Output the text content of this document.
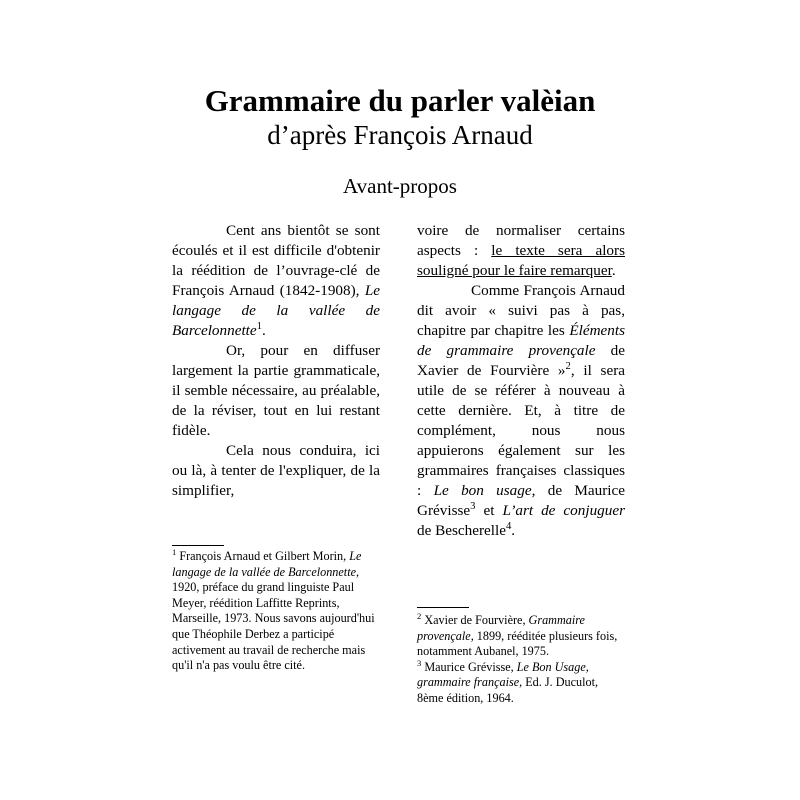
Grammaire du parler valèian
d’après François Arnaud
Avant-propos

Cent ans bientôt se sont écoulés et il est difficile d'obtenir la réédition de l’ouvrage-clé de François Arnaud (1842-1908), Le langage de la vallée de Barcelonnette$^1$.

Or, pour en diffuser largement la partie grammaticale, il semble nécessaire, au préalable, de la réviser, tout en lui restant fidèle.

Cela nous conduira, ici ou là, à tenter de l'expliquer, de la simplifier,

voire de normaliser certains aspects : le texte sera alors souligné pour le faire remarquer.

Comme François Arnaud dit avoir « suivi pas à pas, chapitre par chapitre les Éléments de grammaire provençale de Xavier de Fourvière »$^2$, il sera utile de se référer à nouveau à cette dernière. Et, à titre de complément, nous nous appuierons également sur les grammaires françaises classiques : Le bon usage, de Maurice Grévisse$^3$ et L’art de conjuguer de Bescherelle$^4$.

$^1$ François Arnaud et Gilbert Morin, Le langage de la vallée de Barcelonnette, 1920, préface du grand linguiste Paul Meyer, réédition Laffitte Reprints, Marseille, 1973. Nous savons aujourd'hui que Théophile Derbez a participé activement au travail de recherche mais qu'il n'a pas voulu être cité.

$^2$ Xavier de Fourvière, Grammaire provençale, 1899, rééditée plusieurs fois, notamment Aubanel, 1975.

$^3$ Maurice Grévisse, Le Bon Usage, grammaire française, Ed. J. Duculot, 8ème édition, 1964.
